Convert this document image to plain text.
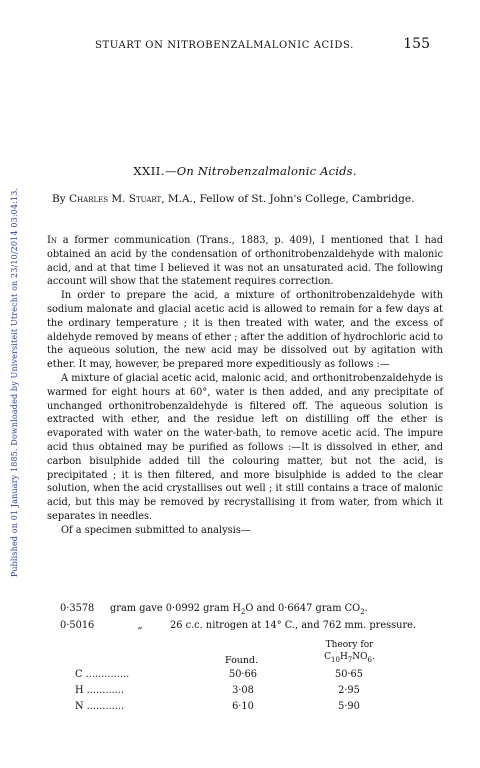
STUART ON NITROBENZALMALONIC ACIDS.	155
Published on 01 January 1885. Downloaded by Universiteit Utrecht on 23/10/2014 03:04:13.
XXII.—On Nitrobenzalmalonic Acids.
By Charles M. Stuart, M.A., Fellow of St. John's College, Cambridge.

In a former communication (Trans., 1883, p. 409), I mentioned that I had obtained an acid by the condensation of orthonitrobenzaldehyde with malonic acid, and at that time I believed it was not an unsaturated acid. The following account will show that the statement requires correction.

In order to prepare the acid, a mixture of orthonitrobenzaldehyde with sodium malonate and glacial acetic acid is allowed to remain for a few days at the ordinary temperature ; it is then treated with water, and the excess of aldehyde removed by means of ether ; after the addition of hydrochloric acid to the aqueous solution, the new acid may be dissolved out by agitation with ether. It may, however, be prepared more expeditiously as follows :—

A mixture of glacial acetic acid, malonic acid, and orthonitrobenzaldehyde is warmed for eight hours at 60°, water is then added, and any precipitate of unchanged orthonitrobenzaldehyde is filtered off. The aqueous solution is extracted with ether, and the residue left on distilling off the ether is evaporated with water on the water-bath, to remove acetic acid. The impure acid thus obtained may be purified as follows :—It is dissolved in ether, and carbon bisulphide added till the colouring matter, but not the acid, is precipitated ; it is then filtered, and more bisulphide is added to the clear solution, when the acid crystallises out well ; it still contains a trace of malonic acid, but this may be removed by recrystallising it from water, from which it separates in needles.

Of a specimen submitted to analysis—

0·3578	gram gave 0·0992 gram $H_2O$ and 0·6647 gram $CO_2$.
0·5016	„	26 c.c. nitrogen at 14° C., and 762 mm. pressure.
Found.
Theory for
$C_{10}H_7NO_6$.
C ..............	50·66	50·65
H ............	3·08	2·95
N ............	6·10	5·90
